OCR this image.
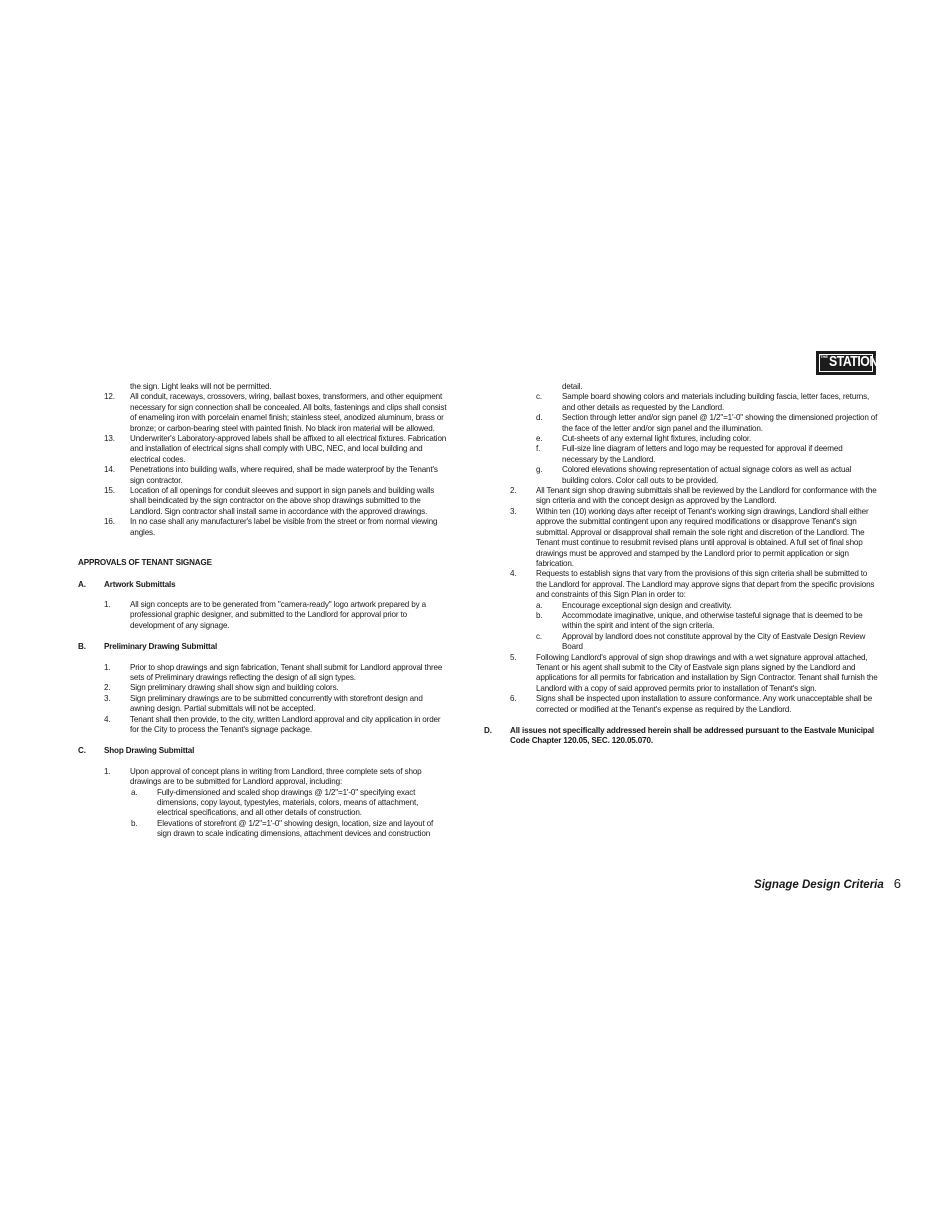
THE STATION

the sign. Light leaks will not be permitted.

12. All conduit, raceways, crossovers, wiring, ballast boxes, transformers, and other equipment necessary for sign connection shall be concealed. All bolts, fastenings and clips shall consist of enameling iron with porcelain enamel finish; stainless steel, anodized aluminum, brass or bronze; or carbon-bearing steel with painted finish. No black iron material will be allowed.

13. Underwriter's Laboratory-approved labels shall be affixed to all electrical fixtures. Fabrication and installation of electrical signs shall comply with UBC, NEC, and local building and electrical codes.

14. Penetrations into building walls, where required, shall be made waterproof by the Tenant's sign contractor.

15. Location of all openings for conduit sleeves and support in sign panels and building walls shall beindicated by the sign contractor on the above shop drawings submitted to the Landlord. Sign contractor shall install same in accordance with the approved drawings.

16. In no case shall any manufacturer's label be visible from the street or from normal viewing angles.

APPROVALS OF TENANT SIGNAGE

A. Artwork Submittals

1. All sign concepts are to be generated from "camera-ready" logo artwork prepared by a professional graphic designer, and submitted to the Landlord for approval prior to development of any signage.

B. Preliminary Drawing Submittal

1. Prior to shop drawings and sign fabrication, Tenant shall submit for Landlord approval three sets of Preliminary drawings reflecting the design of all sign types.

2. Sign preliminary drawing shall show sign and building colors.

3. Sign preliminary drawings are to be submitted concurrently with storefront design and awning design. Partial submittals will not be accepted.

4. Tenant shall then provide, to the city, written Landlord approval and city application in order for the City to process the Tenant's signage package.

C. Shop Drawing Submittal

1. Upon approval of concept plans in writing from Landlord, three complete sets of shop drawings are to be submitted for Landlord approval, including:

a. Fully-dimensioned and scaled shop drawings @ 1/2"=1'-0" specifying exact dimensions, copy layout, typestyles, materials, colors, means of attachment, electrical specifications, and all other details of construction.

b. Elevations of storefront @ 1/2"=1'-0" showing design, location, size and layout of sign drawn to scale indicating dimensions, attachment devices and construction

detail.

c. Sample board showing colors and materials including building fascia, letter faces, returns, and other details as requested by the Landlord.

d. Section through letter and/or sign panel @ 1/2"=1'-0" showing the dimensioned projection of the face of the letter and/or sign panel and the illumination.

e. Cut-sheets of any external light fixtures, including color.

f.	Full-size line diagram of letters and logo may be requested for approval if deemed necessary by the Landlord.

g. Colored elevations showing representation of actual signage colors as well as actual building colors. Color call outs to be provided.

2. All Tenant sign shop drawing submittals shall be reviewed by the Landlord for conformance with the sign criteria and with the concept design as approved by the Landlord.

3. Within ten (10) working days after receipt of Tenant's working sign drawings, Landlord shall either approve the submittal contingent upon any required modifications or disapprove Tenant's sign submittal. Approval or disapproval shall remain the sole right and discretion of the Landlord. The Tenant must continue to resubmit revised plans until approval is obtained. A full set of final shop drawings must be approved and stamped by the Landlord prior to permit application or sign fabrication.

4. Requests to establish signs that vary from the provisions of this sign criteria shall be submitted to the Landlord for approval. The Landlord may approve signs that depart from the specific provisions and constraints of this Sign Plan in order to:

a. Encourage exceptional sign design and creativity.

b. Accommodate imaginative, unique, and otherwise tasteful signage that is deemed to be within the spirit and intent of the sign criteria.

c. Approval by landlord does not constitute approval by the City of Eastvale Design Review Board

5. Following Landlord's approval of sign shop drawings and with a wet signature approval attached, Tenant or his agent shall submit to the City of Eastvale sign plans signed by the Landlord and applications for all permits for fabrication and installation by Sign Contractor. Tenant shall furnish the Landlord with a copy of said approved permits prior to installation of Tenant's sign.

6. Signs shall be inspected upon installation to assure conformance. Any work unacceptable shall be corrected or modified at the Tenant's expense as required by the Landlord.

D. All issues not specifically addressed herein shall be addressed pursuant to the Eastvale Municipal Code Chapter 120.05, SEC. 120.05.070.

Signage Design Criteria 6
